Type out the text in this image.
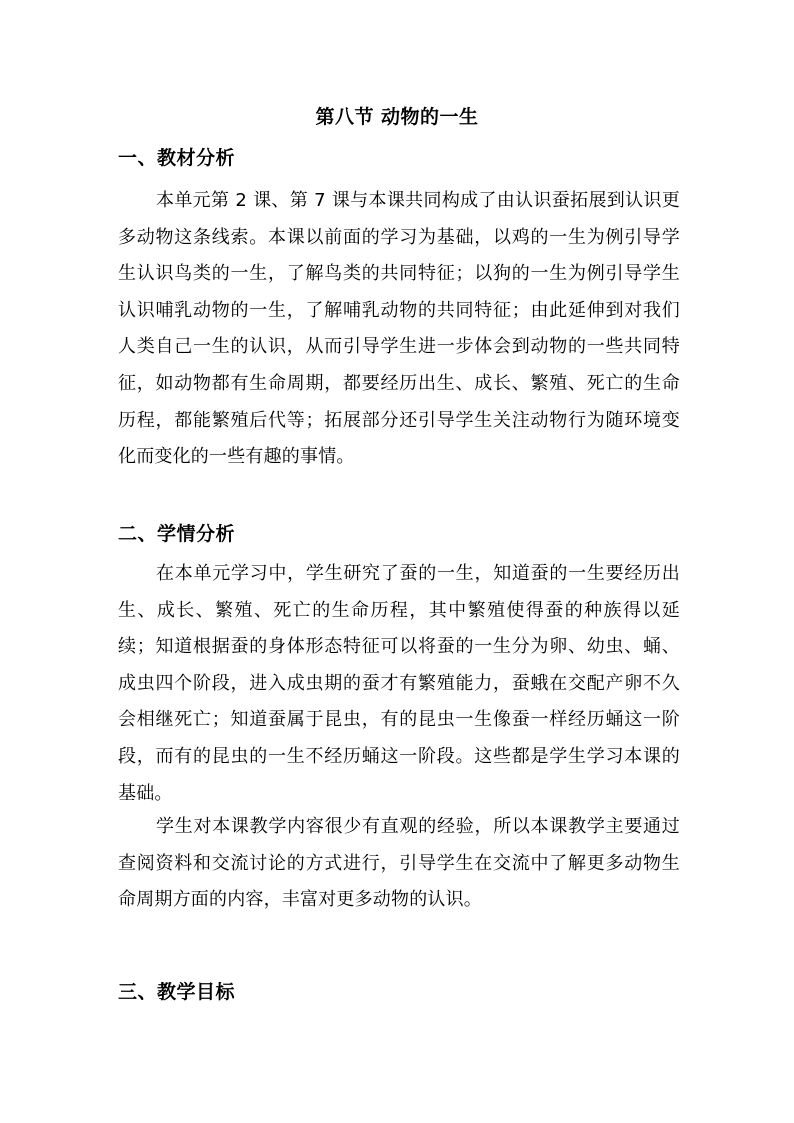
第八节 动物的一生
一、教材分析
本单元第 2 课、第 7 课与本课共同构成了由认识蚕拓展到认识更多动物这条线索。本课以前面的学习为基础，以鸡的一生为例引导学生认识鸟类的一生，了解鸟类的共同特征；以狗的一生为例引导学生认识哺乳动物的一生，了解哺乳动物的共同特征；由此延伸到对我们人类自己一生的认识，从而引导学生进一步体会到动物的一些共同特征，如动物都有生命周期，都要经历出生、成长、繁殖、死亡的生命历程，都能繁殖后代等；拓展部分还引导学生关注动物行为随环境变化而变化的一些有趣的事情。
二、学情分析
在本单元学习中，学生研究了蚕的一生，知道蚕的一生要经历出生、成长、繁殖、死亡的生命历程，其中繁殖使得蚕的种族得以延续；知道根据蚕的身体形态特征可以将蚕的一生分为卵、幼虫、蛹、成虫四个阶段，进入成虫期的蚕才有繁殖能力，蚕蛾在交配产卵不久会相继死亡；知道蚕属于昆虫，有的昆虫一生像蚕一样经历蛹这一阶段，而有的昆虫的一生不经历蛹这一阶段。这些都是学生学习本课的基础。
学生对本课教学内容很少有直观的经验，所以本课教学主要通过查阅资料和交流讨论的方式进行，引导学生在交流中了解更多动物生命周期方面的内容，丰富对更多动物的认识。
三、教学目标
